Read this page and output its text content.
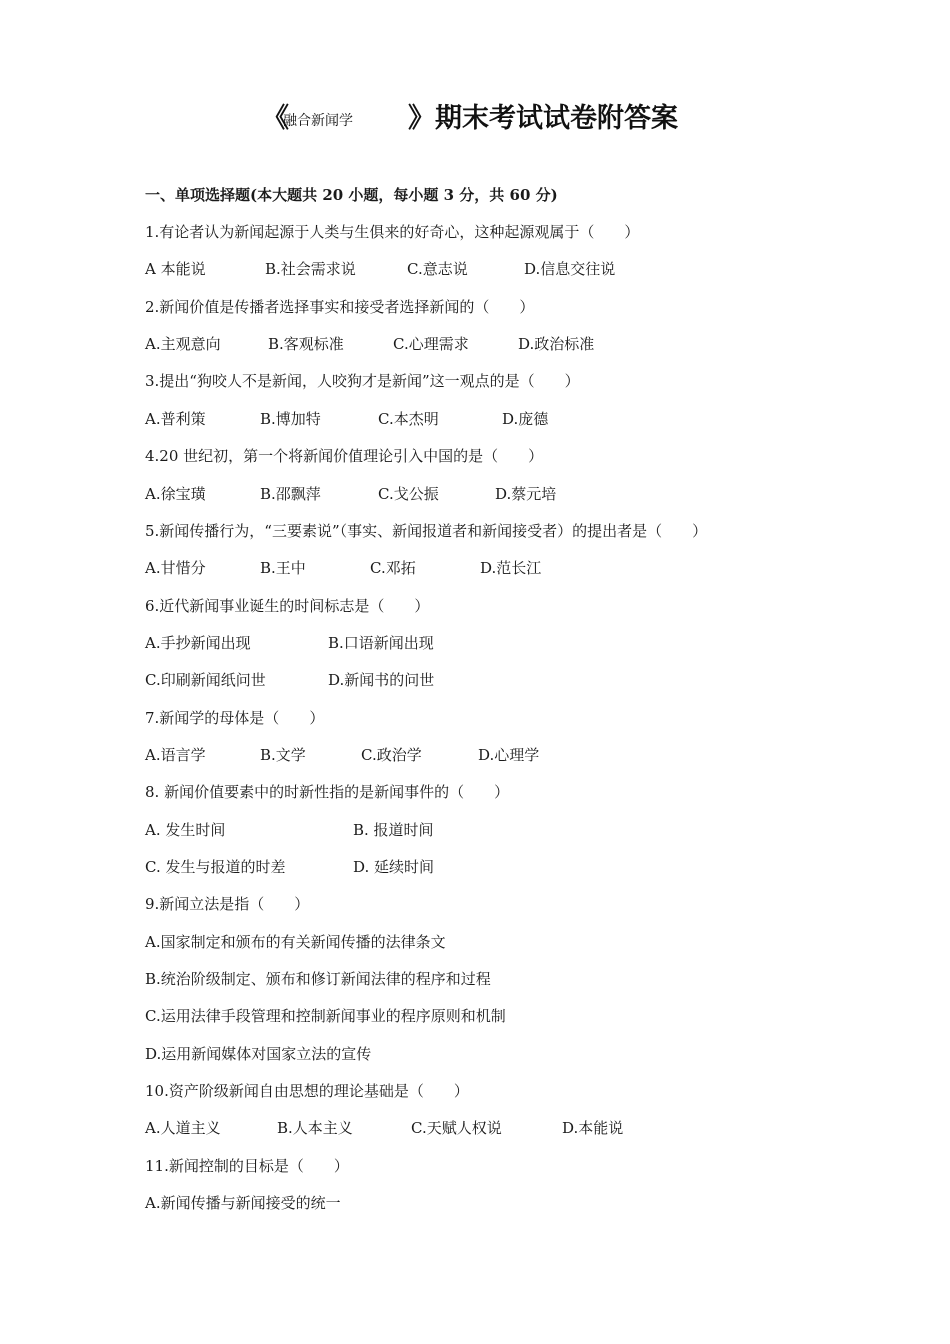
《
融合新闻学 》期末考试试卷附答案
一、单项选择题(本大题共 20 小题，每小题 3 分，共 60 分)
1.有论者认为新闻起源于人类与生俱来的好奇心，这种起源观属于（　　）
A 本能说	B.社会需求说	C.意志说	D.信息交往说
2.新闻价值是传播者选择事实和接受者选择新闻的（　　）
A.主观意向	B.客观标准	C.心理需求	D.政治标准
3.提出“狗咬人不是新闻，人咬狗才是新闻”这一观点的是（　　）
A.普利策	B.博加特	C.本杰明	D.庞德
4.20 世纪初，第一个将新闻价值理论引入中国的是（　　）
A.徐宝璜	B.邵飘萍	C.戈公振	D.蔡元培
5.新闻传播行为，“三要素说”（事实、新闻报道者和新闻接受者）的提出者是（　　）
A.甘惜分	B.王中	C.邓拓	D.范长江
6.近代新闻事业诞生的时间标志是（　　）
A.手抄新闻出现	B.口语新闻出现
C.印刷新闻纸问世	D.新闻书的问世
7.新闻学的母体是（　　）
A.语言学	B.文学	C.政治学	D.心理学
8. 新闻价值要素中的时新性指的是新闻事件的（　　）
A. 发生时间	B. 报道时间
C. 发生与报道的时差	D. 延续时间
9.新闻立法是指（　　）
A.国家制定和颁布的有关新闻传播的法律条文
B.统治阶级制定、颁布和修订新闻法律的程序和过程
C.运用法律手段管理和控制新闻事业的程序原则和机制
D.运用新闻媒体对国家立法的宣传
10.资产阶级新闻自由思想的理论基础是（　　）
A.人道主义	B.人本主义	C.天赋人权说	D.本能说
11.新闻控制的目标是（　　）
A.新闻传播与新闻接受的统一
